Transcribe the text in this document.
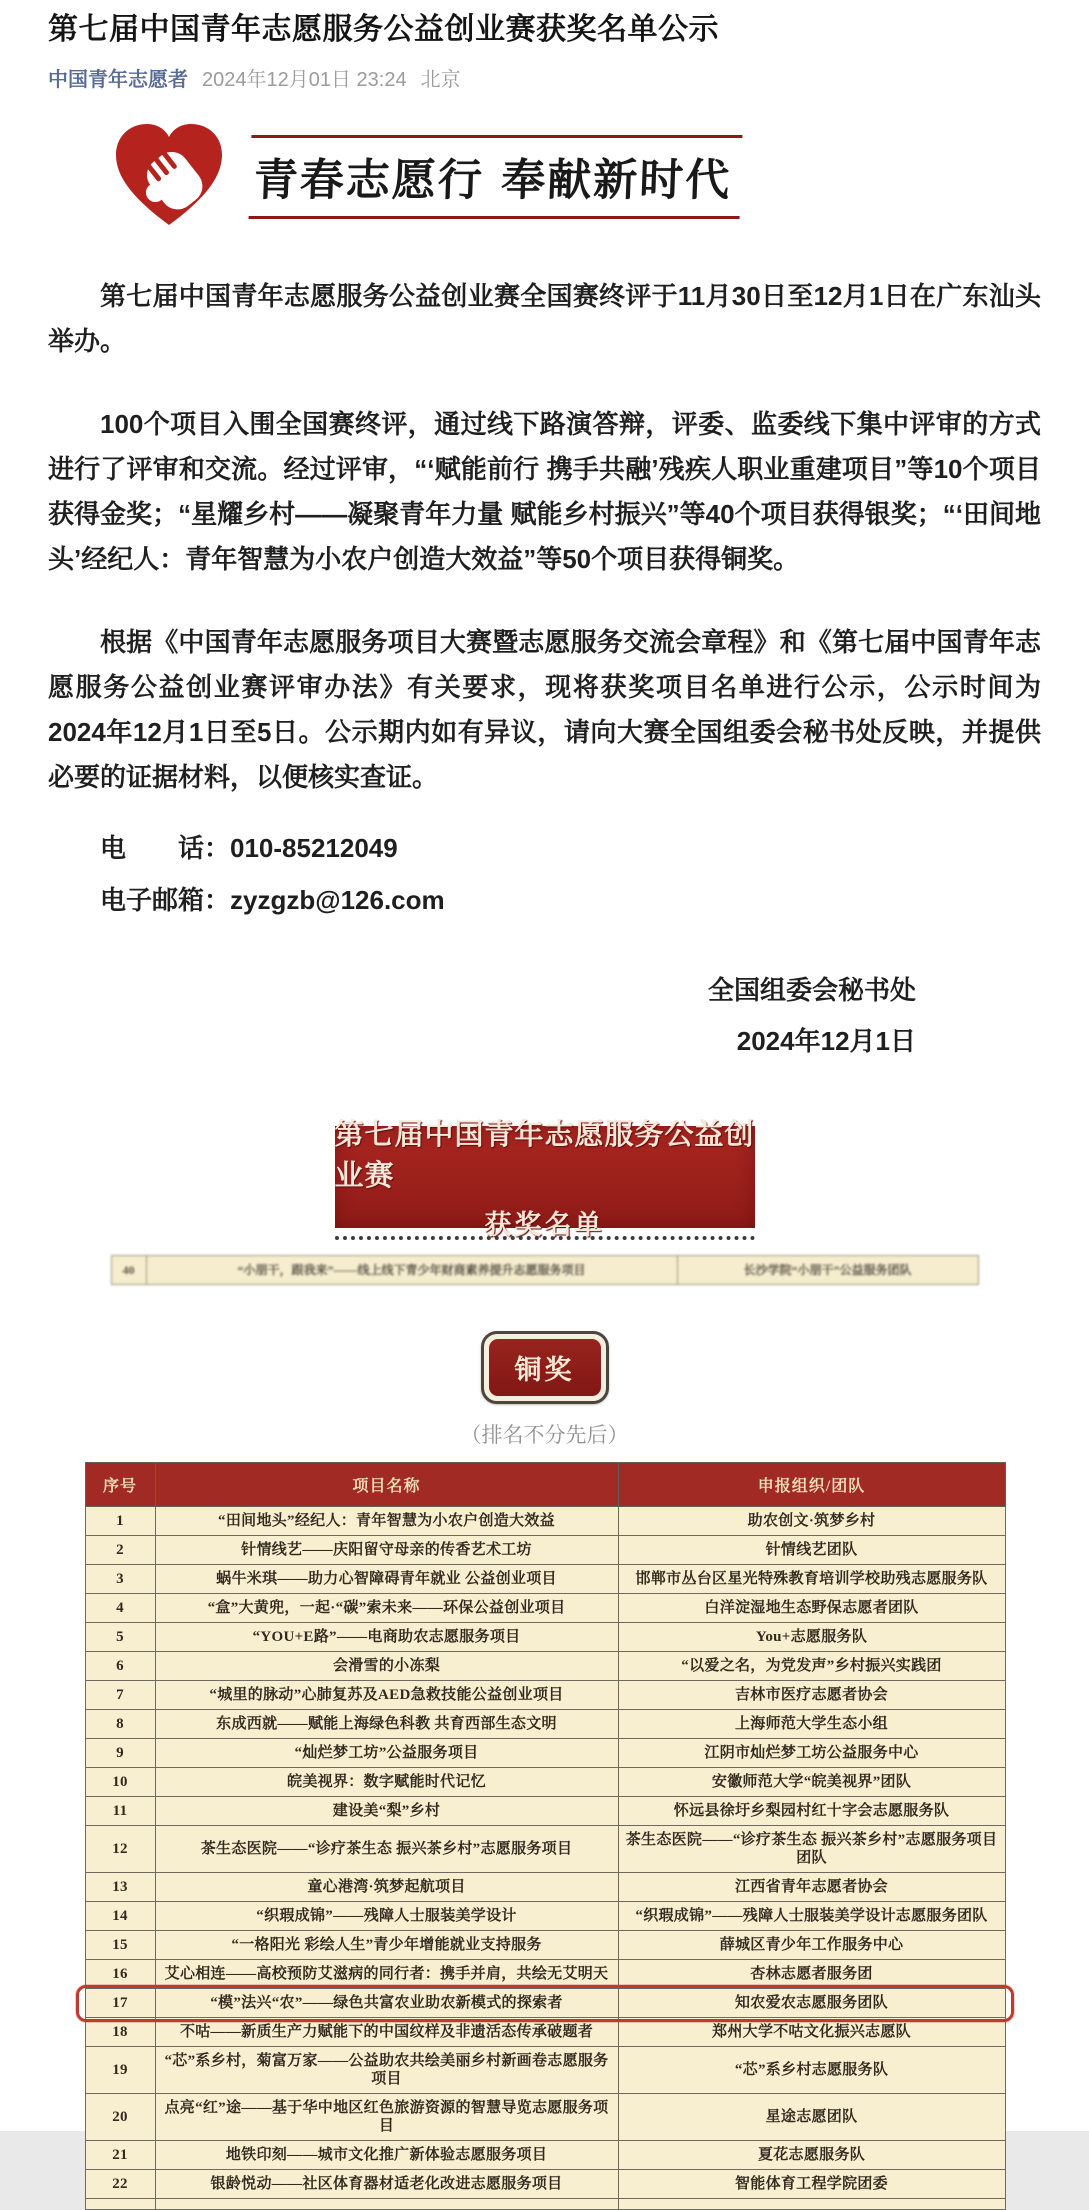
第七届中国青年志愿服务公益创业赛获奖名单公示
中国青年志愿者 2024年12月01日 23:24 北京
青春志愿行 奉献新时代

第七届中国青年志愿服务公益创业赛全国赛终评于11月30日至12月1日在广东汕头举办。

100个项目入围全国赛终评，通过线下路演答辩，评委、监委线下集中评审的方式进行了评审和交流。经过评审，“‘赋能前行 携手共融’残疾人职业重建项目”等10个项目获得金奖；“星耀乡村——凝聚青年力量 赋能乡村振兴”等40个项目获得银奖；“‘田间地头’经纪人：青年智慧为小农户创造大效益”等50个项目获得铜奖。

根据《中国青年志愿服务项目大赛暨志愿服务交流会章程》和《第七届中国青年志愿服务公益创业赛评审办法》有关要求，现将获奖项目名单进行公示，公示时间为2024年12月1日至5日。公示期内如有异议，请向大赛全国组委会秘书处反映，并提供必要的证据材料，以便核实查证。

电　　话：010-85212049
电子邮箱：zyzgzb@126.com
全国组委会秘书处
2024年12月1日
第七届中国青年志愿服务公益创业赛
获奖名单
40	“小朋干，跟我来”——线上线下青少年财商素养提升志愿服务项目	长沙学院“小朋干”公益服务团队
铜奖
（排名不分先后）
序号	项目名称	申报组织/团队
1	“田间地头”经纪人：青年智慧为小农户创造大效益	助农创文·筑梦乡村
2	针情线艺——庆阳留守母亲的传香艺术工坊	针情线艺团队
3	蜗牛米琪——助力心智障碍青年就业 公益创业项目	邯郸市丛台区星光特殊教育培训学校助残志愿服务队
4	“盒”大黄兜，一起·“碳”索未来——环保公益创业项目	白洋淀湿地生态野保志愿者团队
5	“YOU+E路”——电商助农志愿服务项目	You+志愿服务队
6	会滑雪的小冻梨	“以爱之名，为党发声”乡村振兴实践团
7	“城里的脉动”心肺复苏及AED急救技能公益创业项目	吉林市医疗志愿者协会
8	东成西就——赋能上海绿色科教 共育西部生态文明	上海师范大学生态小组
9	“灿烂梦工坊”公益服务项目	江阴市灿烂梦工坊公益服务中心
10	皖美视界：数字赋能时代记忆	安徽师范大学“皖美视界”团队
11	建设美“梨”乡村	怀远县徐圩乡梨园村红十字会志愿服务队
12	茶生态医院——“诊疗茶生态 振兴茶乡村”志愿服务项目	茶生态医院——“诊疗茶生态 振兴茶乡村”志愿服务项目团队
13	童心港湾·筑梦起航项目	江西省青年志愿者协会
14	“织瑕成锦”——残障人士服装美学设计	“织瑕成锦”——残障人士服装美学设计志愿服务团队
15	“一格阳光 彩绘人生”青少年增能就业支持服务	薛城区青少年工作服务中心
16	艾心相连——高校预防艾滋病的同行者：携手并肩，共绘无艾明天	杏林志愿者服务团
17	“模”法兴“农”——绿色共富农业助农新模式的探索者	知农爱农志愿服务团队
18	不咕——新质生产力赋能下的中国纹样及非遗活态传承破题者	郑州大学不咕文化振兴志愿队
19	“芯”系乡村，菊富万家——公益助农共绘美丽乡村新画卷志愿服务项目	“芯”系乡村志愿服务队
20	点亮“红”途——基于华中地区红色旅游资源的智慧导览志愿服务项目	星途志愿团队
21	地铁印刻——城市文化推广新体验志愿服务项目	夏花志愿服务队
22	银龄悦动——社区体育器材适老化改进志愿服务项目	智能体育工程学院团委
